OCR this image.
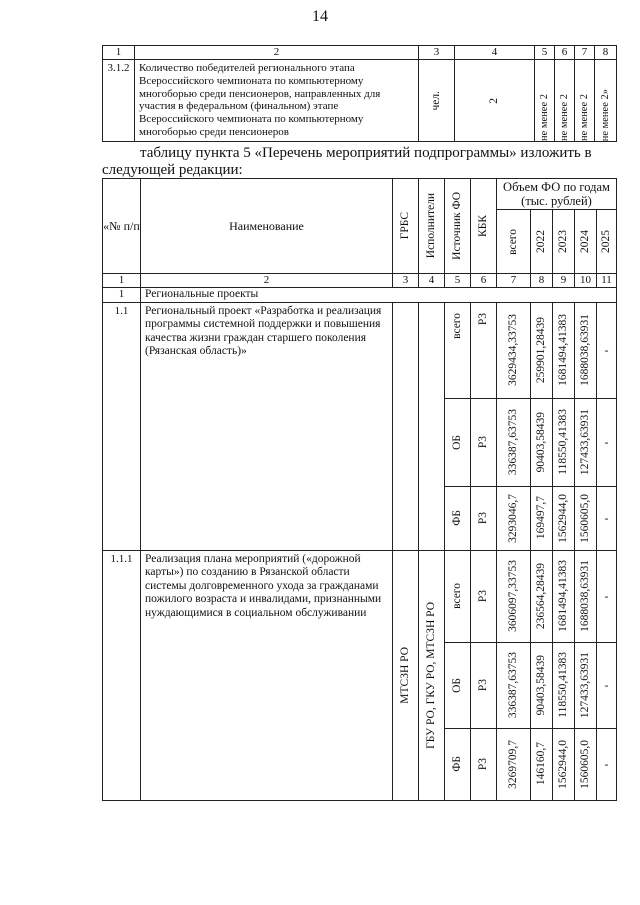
14
1	2	3	4	5	6	7	8
3.1.2	Количество победителей регионального этапа Всероссийского чемпионата по компьютерному многоборью среди пенсионеров, направленных для участия в федеральном (финальном) этапе Всероссийского чемпионата по компьютерному многоборью среди пенсионеров	чел.	2	не менее 2	не менее 2	не менее 2	не менее 2»
таблицу пункта 5 «Перечень мероприятий подпрограммы» изложить в следующей редакции:
«№ п/п	Наименование	ГРБС	Исполнители	Источник ФО	КБК	Объем ФО по годам (тыс. рублей)				

						всего	2022	2023	2024	2025

1	2	3	4	5	6	7	8	9	10	11
1	Региональные проекты									
1.1	Региональный проект «Разработка и реализация программы системной поддержки и повышения качества жизни граждан старшего поколения (Рязанская область)»			всего	Р3	3629434,33753	259901,28439	1681494,41383	1688038,63931	-

				ОБ	Р3	336387,63753	90403,58439	118550,41383	127433,63931	-

				ФБ	Р3	3293046,7	169497,7	1562944,0	1560605,0	-
1.1.1	Реализация плана мероприятий («дорожной карты») по созданию в Рязанской области системы долговременного ухода за гражданами пожилого возраста и инвалидами, признанными нуждающимися в социальном обслуживании	МТСЗН РО	ГБУ РО, ГКУ РО, МТСЗН РО	всего	Р3	3606097,33753	236564,28439	1681494,41383	1688038,63931	-

				ОБ	Р3	336387,63753	90403,58439	118550,41383	127433,63931	-

				ФБ	Р3	3269709,7	146160,7	1562944,0	1560605,0	-
